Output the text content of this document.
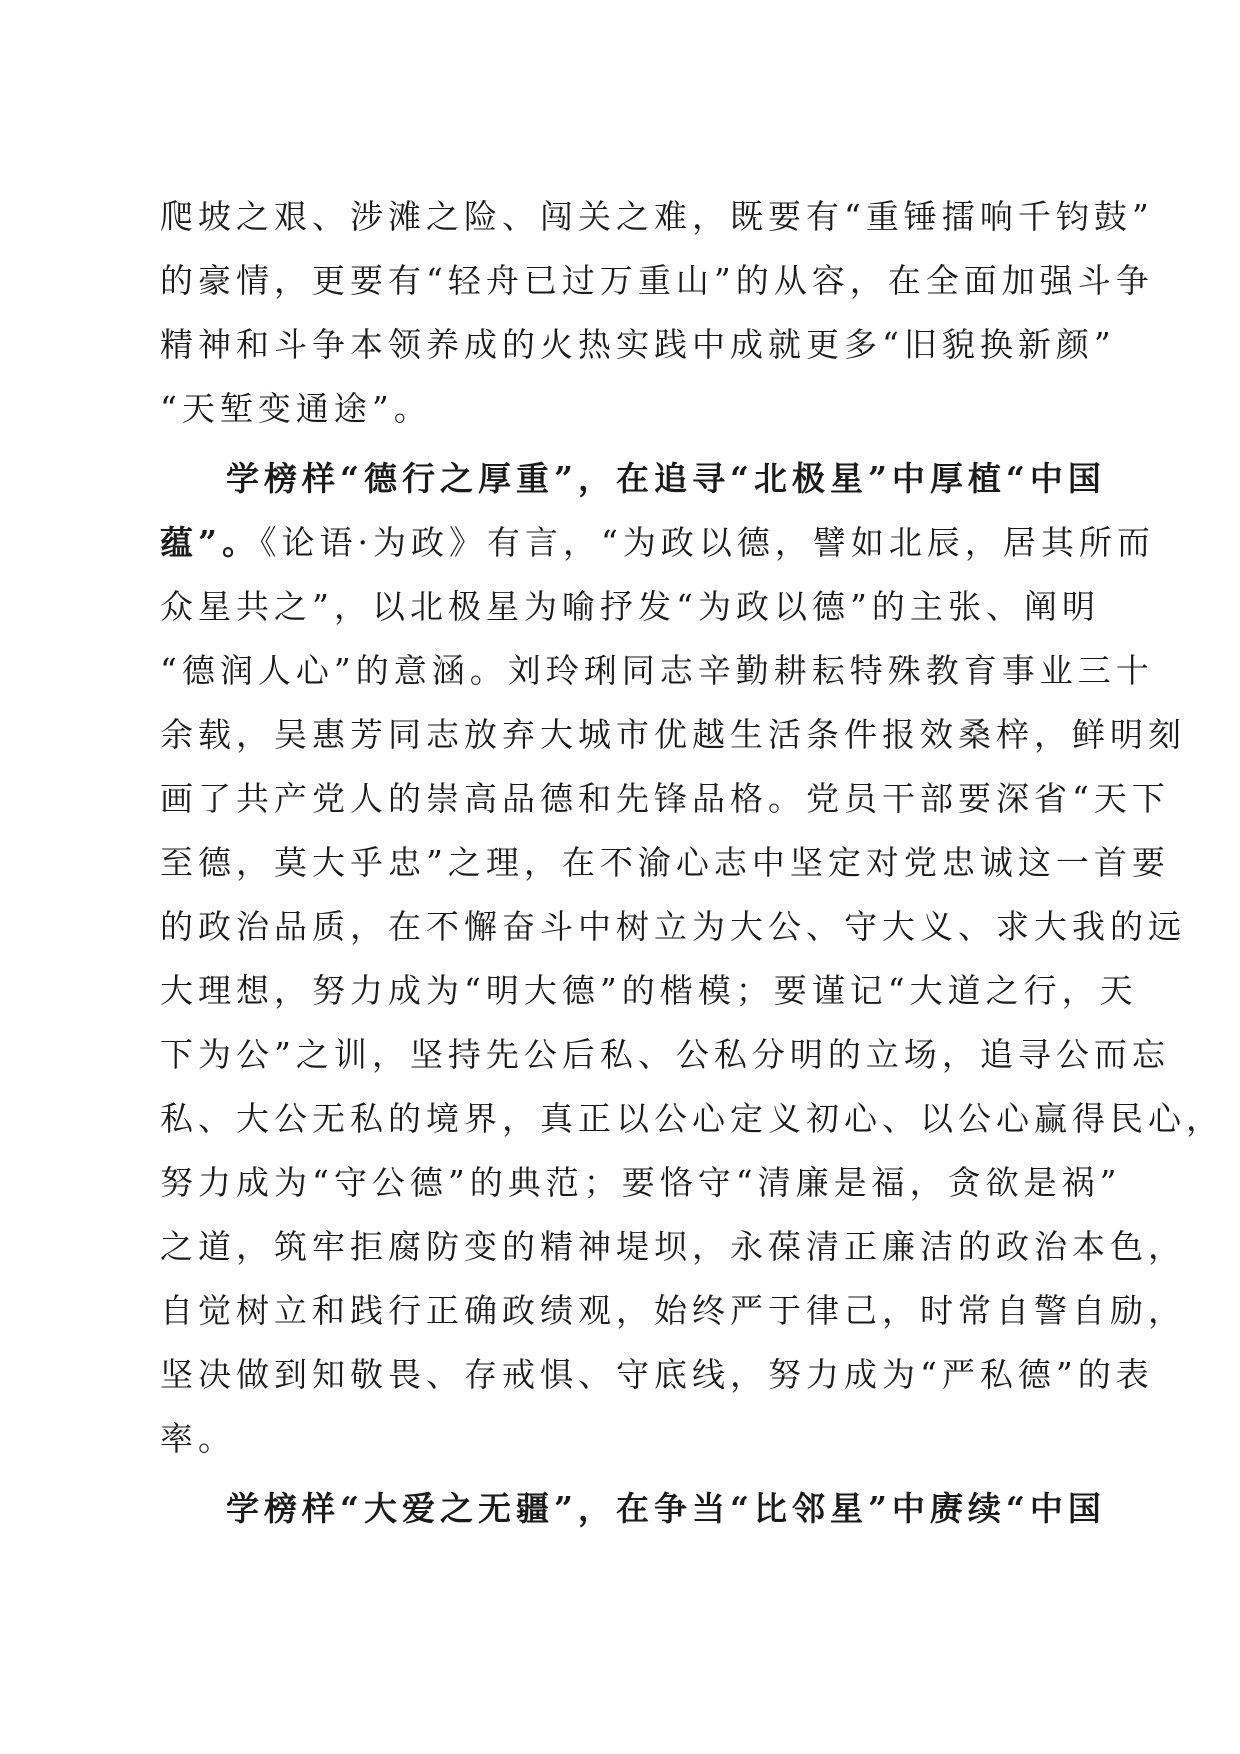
爬坡之艰、涉滩之险、闯关之难，既要有“重锤擂响千钧鼓”
的豪情，更要有“轻舟已过万重山”的从容，在全面加强斗争
精神和斗争本领养成的火热实践中成就更多“旧貌换新颜”
“天堑变通途”。
学榜样“德行之厚重”，在追寻“北极星”中厚植“中国
蕴”。《论语·为政》有言，“为政以德，譬如北辰，居其所而
众星共之”，以北极星为喻抒发“为政以德”的主张、阐明
“德润人心”的意涵。刘玲琍同志辛勤耕耘特殊教育事业三十
余载，吴惠芳同志放弃大城市优越生活条件报效桑梓，鲜明刻
画了共产党人的崇高品德和先锋品格。党员干部要深省“天下
至德，莫大乎忠”之理，在不渝心志中坚定对党忠诚这一首要
的政治品质，在不懈奋斗中树立为大公、守大义、求大我的远
大理想，努力成为“明大德”的楷模；要谨记“大道之行，天
下为公”之训，坚持先公后私、公私分明的立场，追寻公而忘
私、大公无私的境界，真正以公心定义初心、以公心赢得民心，
努力成为“守公德”的典范；要恪守“清廉是福，贪欲是祸”
之道，筑牢拒腐防变的精神堤坝，永葆清正廉洁的政治本色，
自觉树立和践行正确政绩观，始终严于律己，时常自警自励，
坚决做到知敬畏、存戒惧、守底线，努力成为“严私德”的表
率。
学榜样“大爱之无疆”，在争当“比邻星”中赓续“中国
